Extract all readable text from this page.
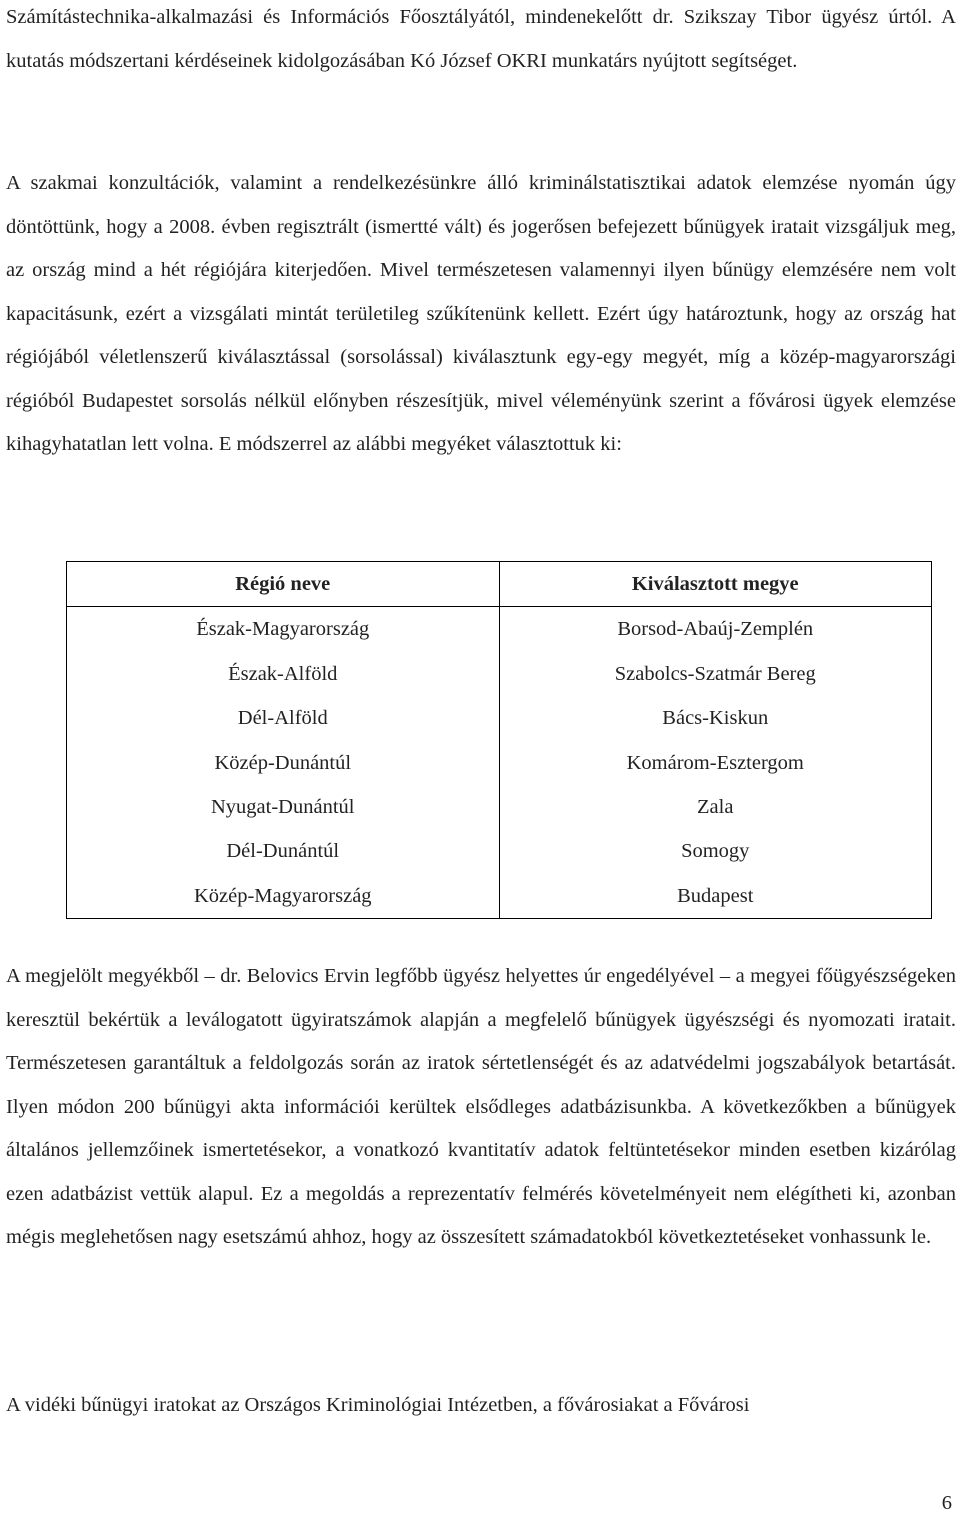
Számítástechnika-alkalmazási és Információs Főosztályától, mindenekelőtt dr. Szikszay Tibor ügyész úrtól. A kutatás módszertani kérdéseinek kidolgozásában Kó József OKRI munkatárs nyújtott segítséget.

A szakmai konzultációk, valamint a rendelkezésünkre álló kriminálstatisztikai adatok elemzése nyomán úgy döntöttünk, hogy a 2008. évben regisztrált (ismertté vált) és jogerősen befejezett bűnügyek iratait vizsgáljuk meg, az ország mind a hét régiójára kiterjedően. Mivel természetesen valamennyi ilyen bűnügy elemzésére nem volt kapacitásunk, ezért a vizsgálati mintát területileg szűkítenünk kellett. Ezért úgy határoztunk, hogy az ország hat régiójából véletlenszerű kiválasztással (sorsolással) kiválasztunk egy-egy megyét, míg a közép-magyarországi régióból Budapestet sorsolás nélkül előnyben részesítjük, mivel véleményünk szerint a fővárosi ügyek elemzése kihagyhatatlan lett volna. E módszerrel az alábbi megyéket választottuk ki:

Régió neve	Kiválasztott megye
Észak-Magyarország	Borsod-Abaúj-Zemplén
Észak-Alföld	Szabolcs-Szatmár Bereg
Dél-Alföld	Bács-Kiskun
Közép-Dunántúl	Komárom-Esztergom
Nyugat-Dunántúl	Zala
Dél-Dunántúl	Somogy
Közép-Magyarország	Budapest

A megjelölt megyékből – dr. Belovics Ervin legfőbb ügyész helyettes úr engedélyével – a megyei főügyészségeken keresztül bekértük a leválogatott ügyiratszámok alapján a megfelelő bűnügyek ügyészségi és nyomozati iratait. Természetesen garantáltuk a feldolgozás során az iratok sértetlenségét és az adatvédelmi jogszabályok betartását. Ilyen módon 200 bűnügyi akta információi kerültek elsődleges adatbázisunkba. A következőkben a bűnügyek általános jellemzőinek ismertetésekor, a vonatkozó kvantitatív adatok feltüntetésekor minden esetben kizárólag ezen adatbázist vettük alapul. Ez a megoldás a reprezentatív felmérés követelményeit nem elégítheti ki, azonban mégis meglehetősen nagy esetszámú ahhoz, hogy az összesített számadatokból következtetéseket vonhassunk le.

A vidéki bűnügyi iratokat az Országos Kriminológiai Intézetben, a fővárosiakat a Fővárosi

6
